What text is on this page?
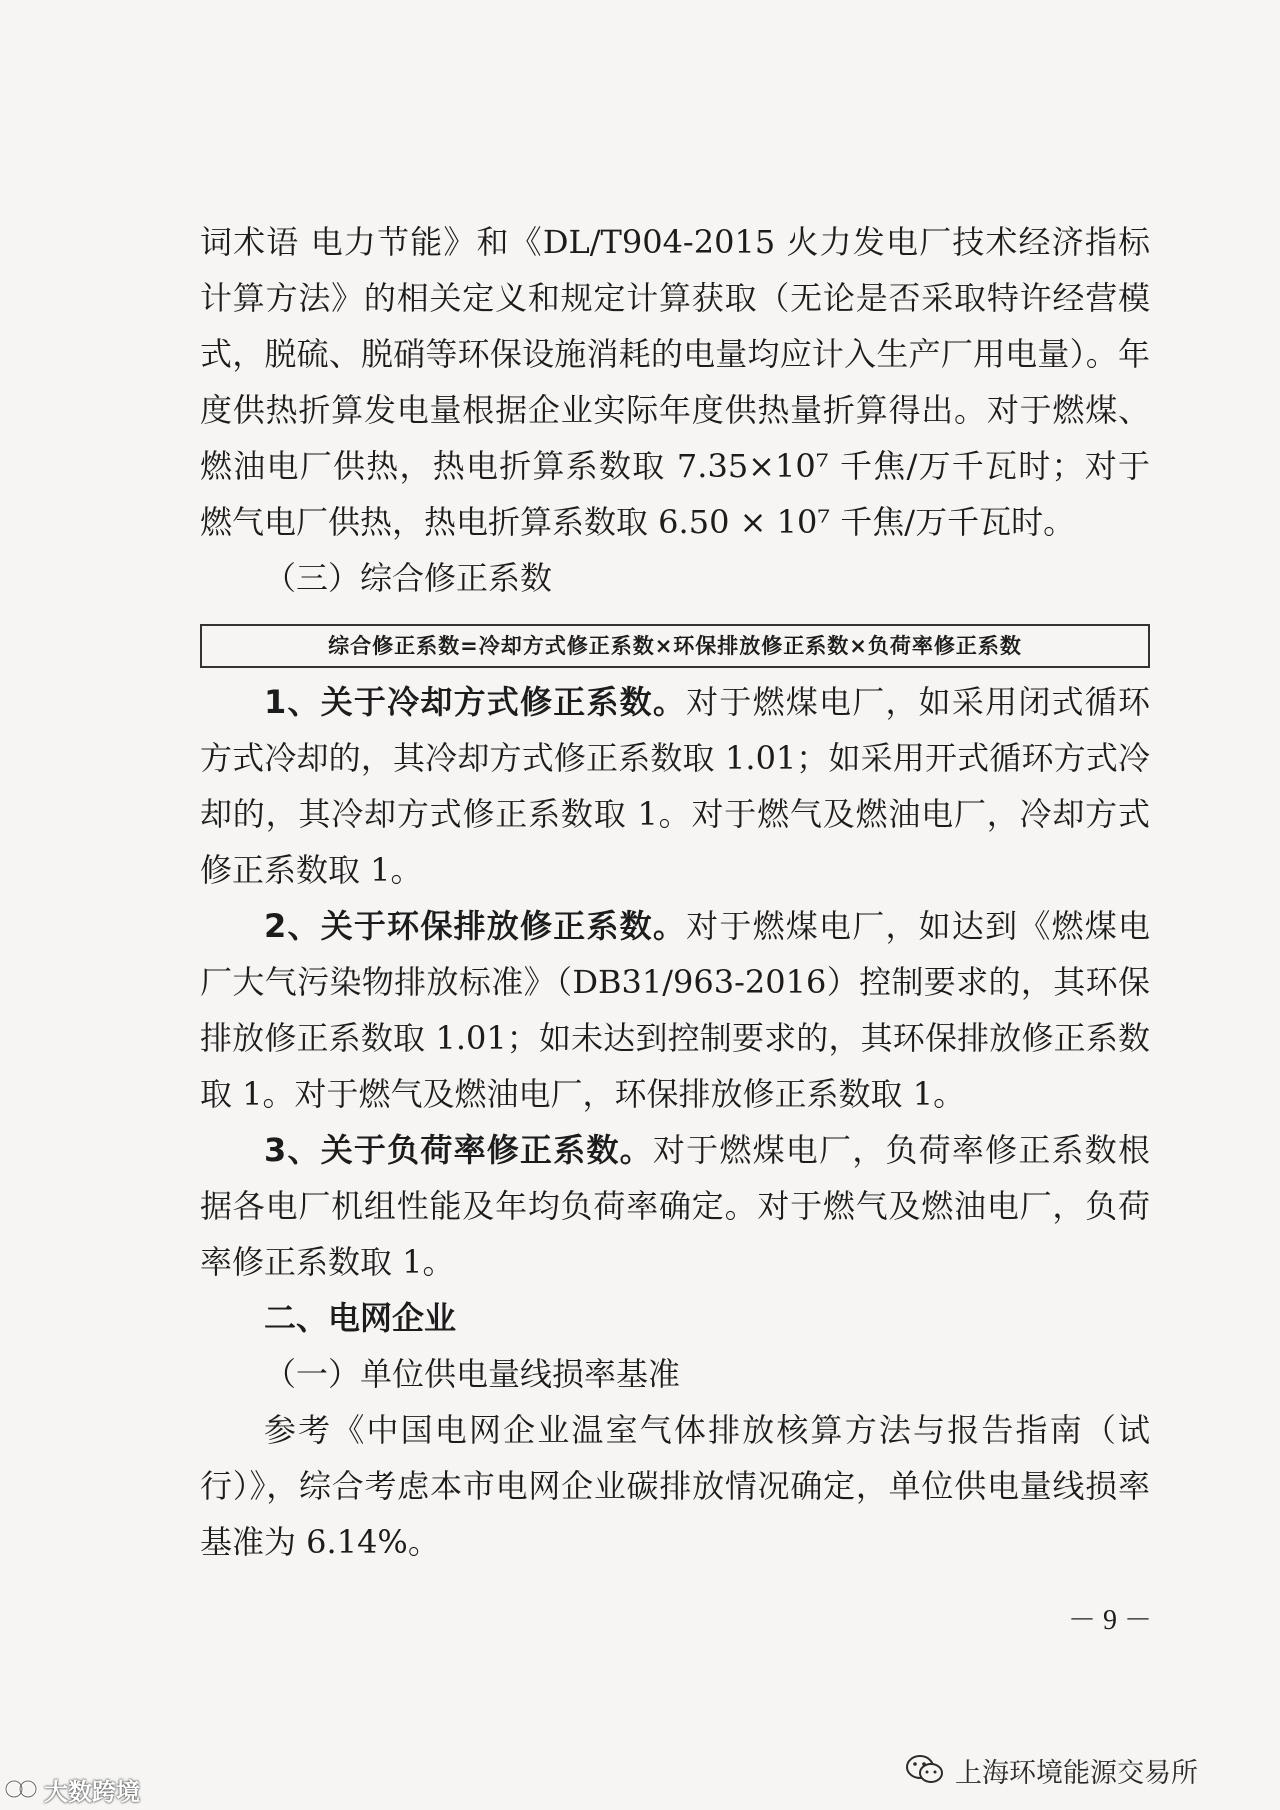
词术语 电力节能》和《DL/T904-2015 火力发电厂技术经济指标计算方法》的相关定义和规定计算获取（无论是否采取特许经营模式，脱硫、脱硝等环保设施消耗的电量均应计入生产厂用电量）。年度供热折算发电量根据企业实际年度供热量折算得出。对于燃煤、燃油电厂供热，热电折算系数取 7.35×10⁷ 千焦/万千瓦时；对于燃气电厂供热，热电折算系数取 6.50 × 10⁷ 千焦/万千瓦时。

（三）综合修正系数

综合修正系数=冷却方式修正系数×环保排放修正系数×负荷率修正系数

1、关于冷却方式修正系数。对于燃煤电厂，如采用闭式循环方式冷却的，其冷却方式修正系数取 1.01；如采用开式循环方式冷却的，其冷却方式修正系数取 1。对于燃气及燃油电厂，冷却方式修正系数取 1。

2、关于环保排放修正系数。对于燃煤电厂，如达到《燃煤电厂大气污染物排放标准》（DB31/963-2016）控制要求的，其环保排放修正系数取 1.01；如未达到控制要求的，其环保排放修正系数取 1。对于燃气及燃油电厂，环保排放修正系数取 1。

3、关于负荷率修正系数。对于燃煤电厂，负荷率修正系数根据各电厂机组性能及年均负荷率确定。对于燃气及燃油电厂，负荷率修正系数取 1。

二、电网企业

（一）单位供电量线损率基准

参考《中国电网企业温室气体排放核算方法与报告指南（试行）》，综合考虑本市电网企业碳排放情况确定，单位供电量线损率基准为 6.14%。

－ 9 －
大数跨境
上海环境能源交易所
